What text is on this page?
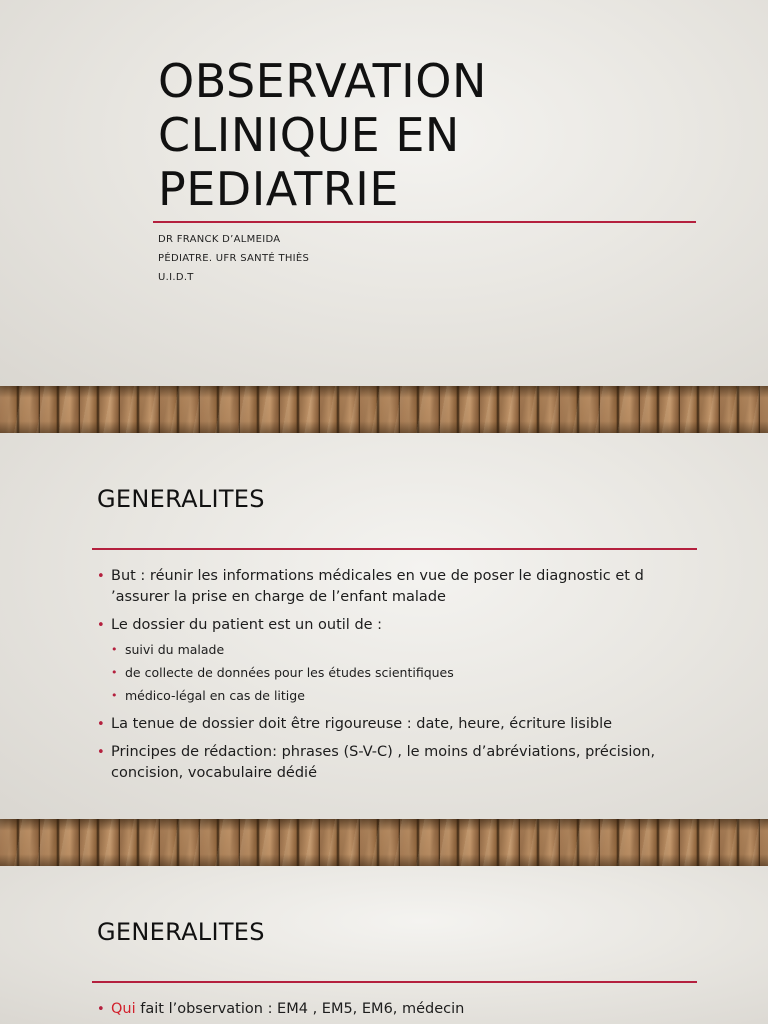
OBSERVATION
CLINIQUE EN
PEDIATRIE
DR FRANCK D’ALMEIDA
PÉDIATRE. UFR SANTÉ THIÈS
U.I.D.T
GENERALITES
• But : réunir les informations médicales en vue de poser le diagnostic et d ’assurer la prise en charge de l’enfant malade
• Le dossier du patient est un outil de :
• suivi du malade
• de collecte de données pour les études scientifiques
• médico-légal en cas de litige
• La tenue de dossier doit être rigoureuse : date, heure, écriture lisible
• Principes de rédaction: phrases (S-V-C) , le moins d’abréviations, précision, concision, vocabulaire dédié
GENERALITES
• Qui fait l’observation : EM4 , EM5, EM6, médecin
